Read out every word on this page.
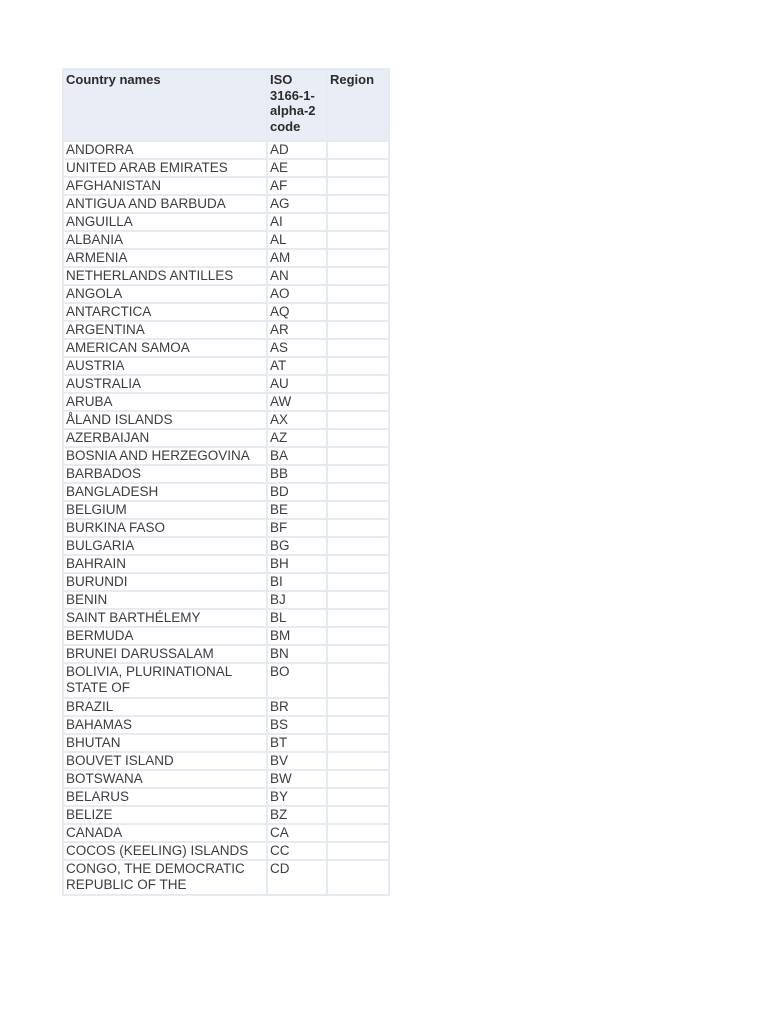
Country names	ISO 3166-1-alpha-2 code	Region
ANDORRA	AD	
UNITED ARAB EMIRATES	AE	
AFGHANISTAN	AF	
ANTIGUA AND BARBUDA	AG	
ANGUILLA	AI	
ALBANIA	AL	
ARMENIA	AM	
NETHERLANDS ANTILLES	AN	
ANGOLA	AO	
ANTARCTICA	AQ	
ARGENTINA	AR	
AMERICAN SAMOA	AS	
AUSTRIA	AT	
AUSTRALIA	AU	
ARUBA	AW	
ÅLAND ISLANDS	AX	
AZERBAIJAN	AZ	
BOSNIA AND HERZEGOVINA	BA	
BARBADOS	BB	
BANGLADESH	BD	
BELGIUM	BE	
BURKINA FASO	BF	
BULGARIA	BG	
BAHRAIN	BH	
BURUNDI	BI	
BENIN	BJ	
SAINT BARTHÉLEMY	BL	
BERMUDA	BM	
BRUNEI DARUSSALAM	BN	
BOLIVIA, PLURINATIONAL STATE OF	BO	
BRAZIL	BR	
BAHAMAS	BS	
BHUTAN	BT	
BOUVET ISLAND	BV	
BOTSWANA	BW	
BELARUS	BY	
BELIZE	BZ	
CANADA	CA	
COCOS (KEELING) ISLANDS	CC	
CONGO, THE DEMOCRATIC REPUBLIC OF THE	CD	
